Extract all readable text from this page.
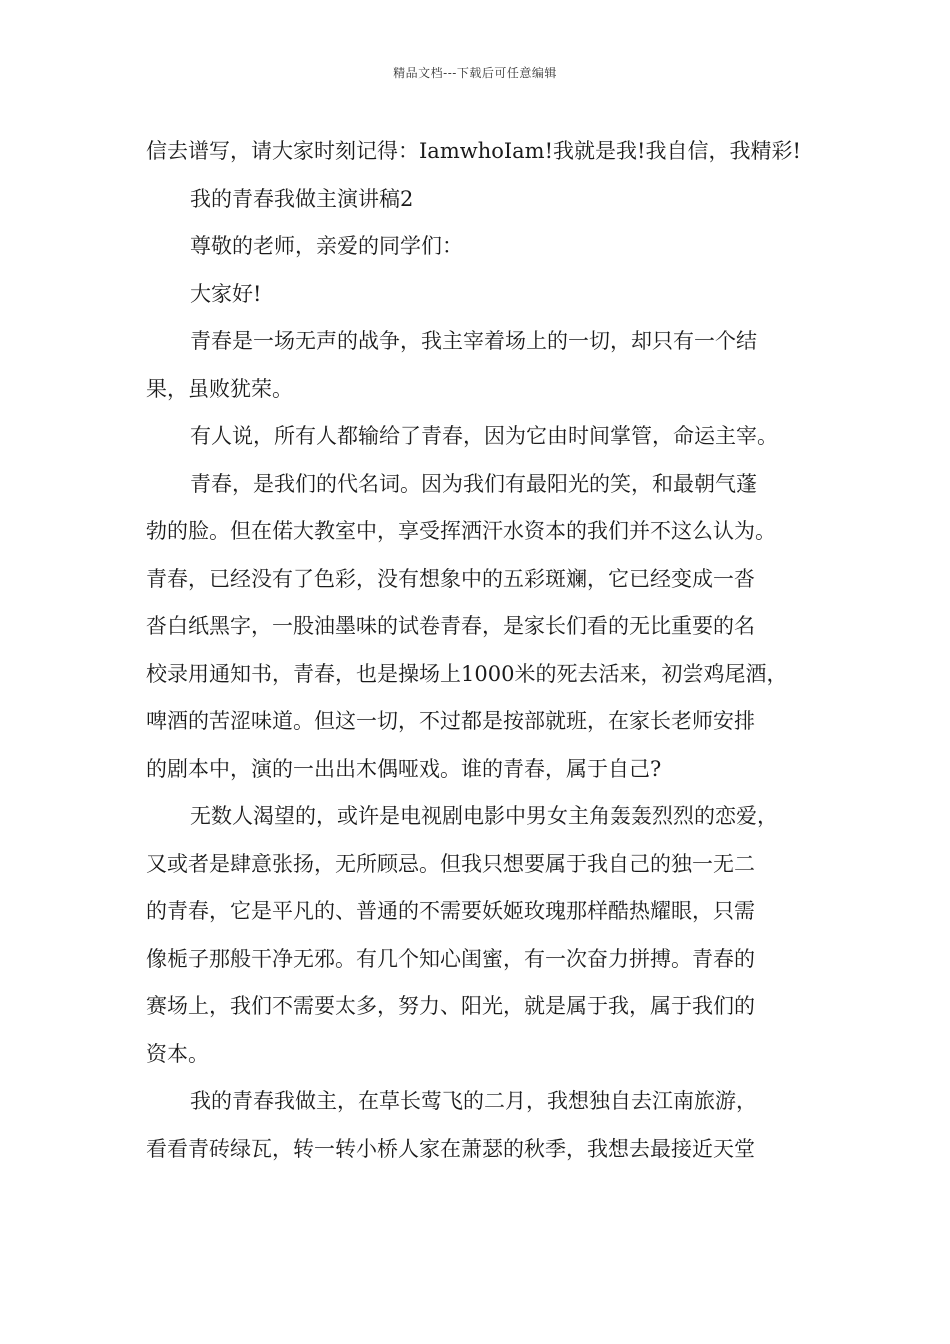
精品文档---下载后可任意编辑
信去谱写，请大家时刻记得：IamwhoIam!我就是我!我自信，我精彩!
我的青春我做主演讲稿2
尊敬的老师，亲爱的同学们：
大家好!
青春是一场无声的战争，我主宰着场上的一切，却只有一个结
果，虽败犹荣。
有人说，所有人都输给了青春，因为它由时间掌管，命运主宰。
青春，是我们的代名词。因为我们有最阳光的笑，和最朝气蓬
勃的脸。但在偌大教室中，享受挥洒汗水资本的我们并不这么认为。
青春，已经没有了色彩，没有想象中的五彩斑斓，它已经变成一沓
沓白纸黑字，一股油墨味的试卷青春，是家长们看的无比重要的名
校录用通知书，青春，也是操场上1000米的死去活来，初尝鸡尾酒，
啤酒的苦涩味道。但这一切，不过都是按部就班，在家长老师安排
的剧本中，演的一出出木偶哑戏。谁的青春，属于自己?
无数人渴望的，或许是电视剧电影中男女主角轰轰烈烈的恋爱，
又或者是肆意张扬，无所顾忌。但我只想要属于我自己的独一无二
的青春，它是平凡的、普通的不需要妖姬玫瑰那样酷热耀眼，只需
像栀子那般干净无邪。有几个知心闺蜜，有一次奋力拼搏。青春的
赛场上，我们不需要太多，努力、阳光，就是属于我，属于我们的
资本。
我的青春我做主，在草长莺飞的二月，我想独自去江南旅游，
看看青砖绿瓦，转一转小桥人家在萧瑟的秋季，我想去最接近天堂
